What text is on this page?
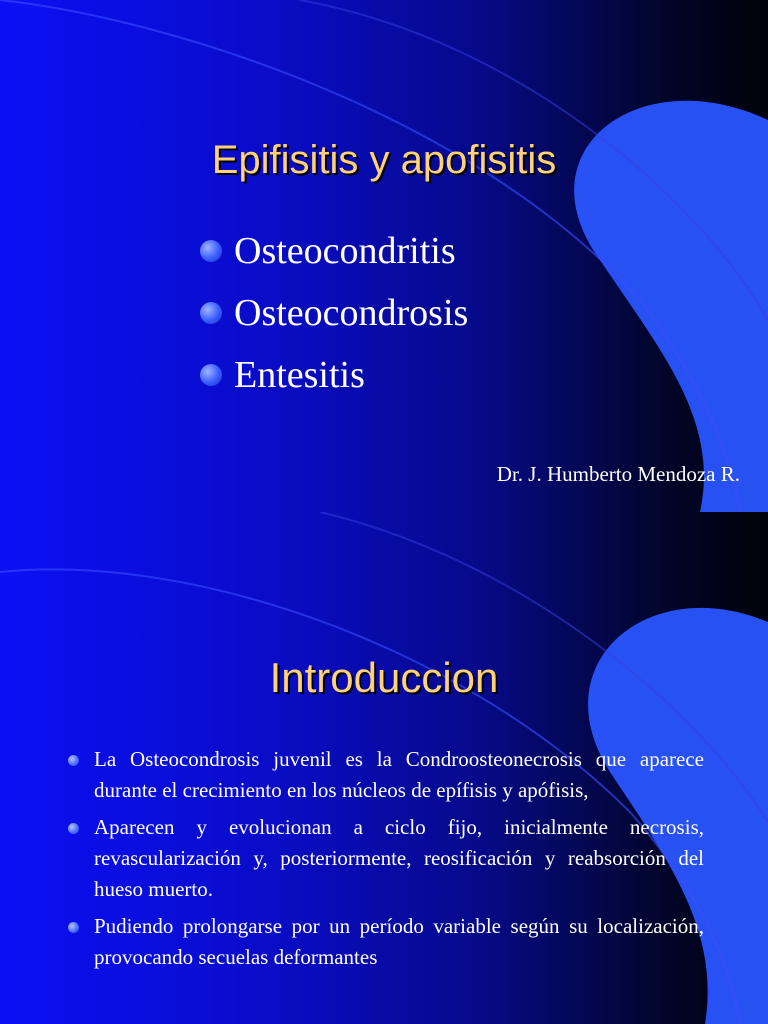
Epifisitis y apofisitis
Osteocondritis
Osteocondrosis
Entesitis
Dr. J. Humberto Mendoza R.
Introduccion
La Osteocondrosis juvenil es la Condroosteonecrosis que aparece durante el crecimiento en los núcleos de epífisis y apófisis,
Aparecen y evolucionan a ciclo fijo, inicialmente necrosis, revascularización y, posteriormente, reosificación y reabsorción del hueso muerto.
Pudiendo prolongarse por un período variable según su localización, provocando secuelas deformantes
